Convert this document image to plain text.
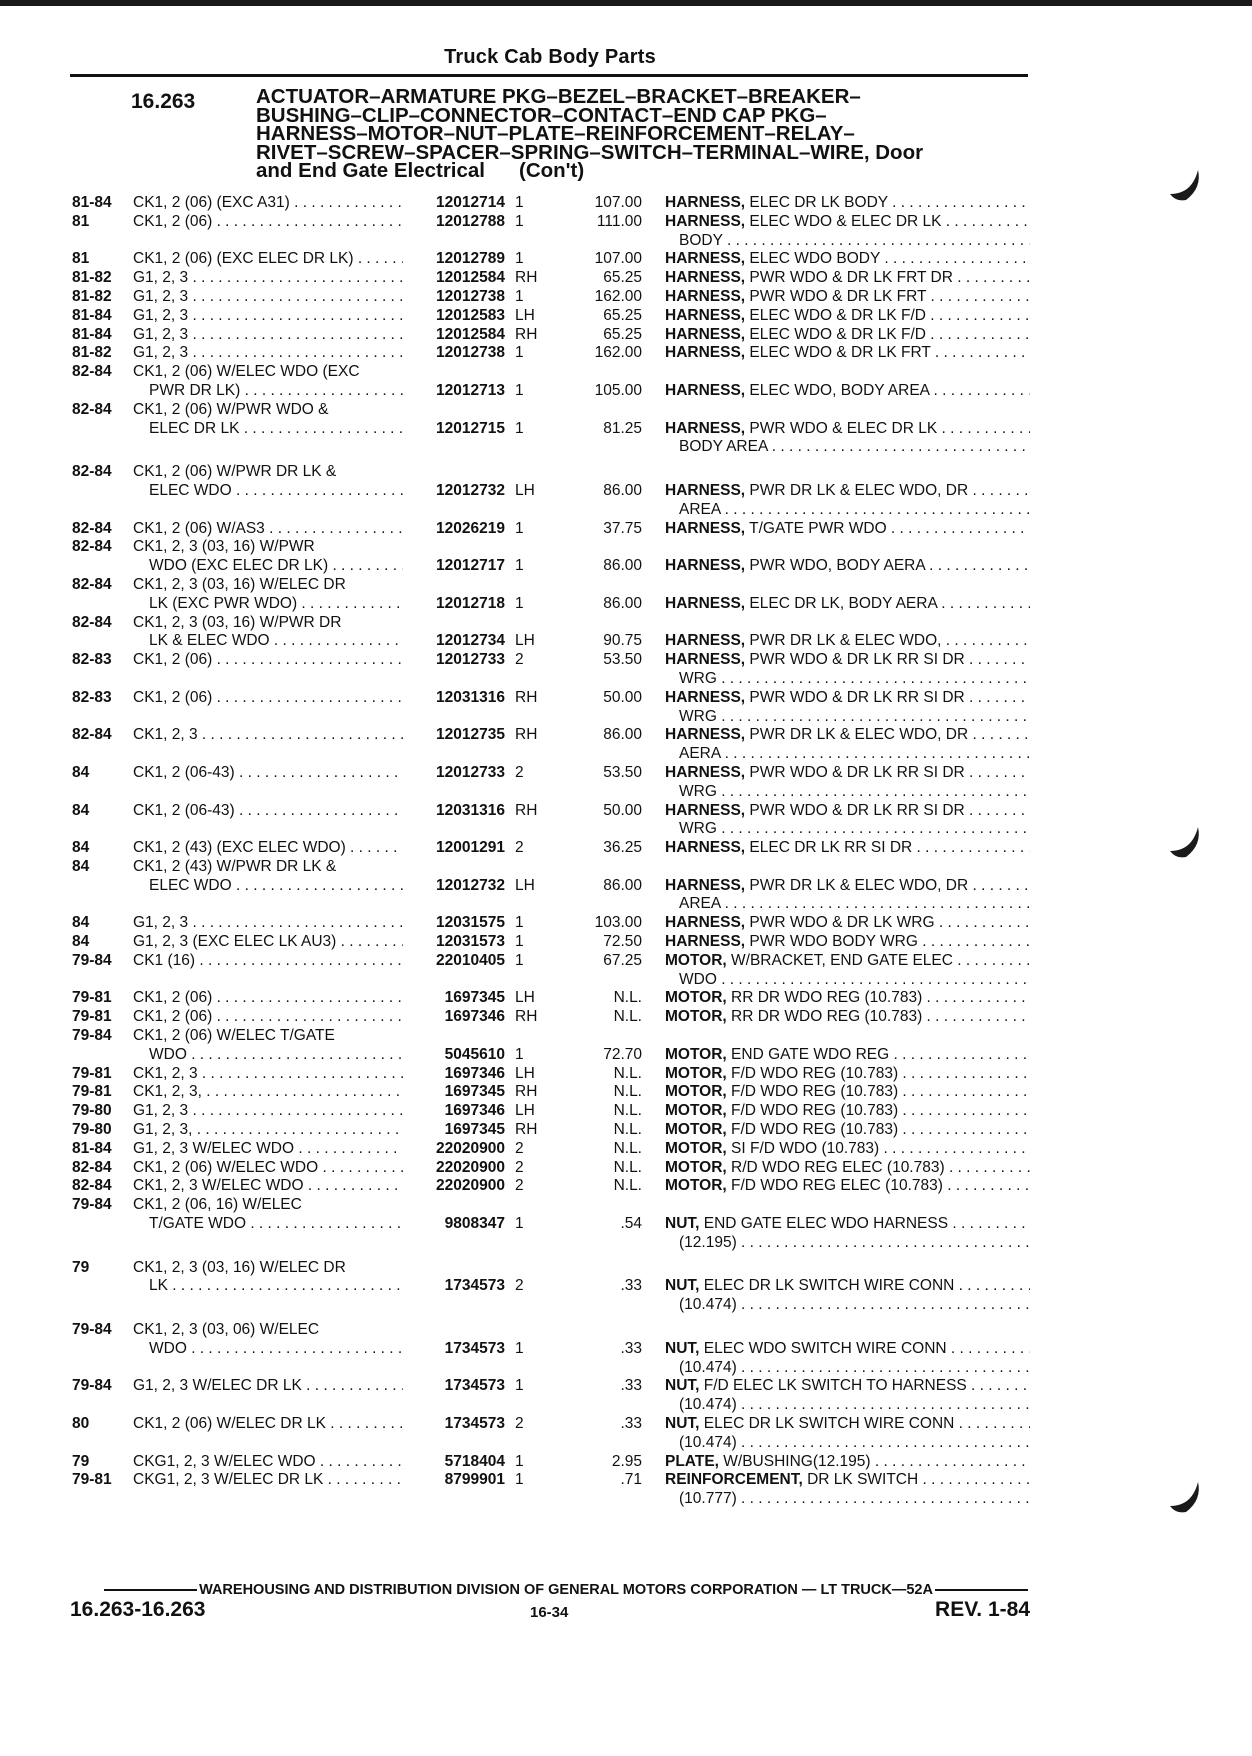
Truck Cab Body Parts
16.263	ACTUATOR–ARMATURE PKG–BEZEL–BRACKET–BREAKER–
BUSHING–CLIP–CONNECTOR–CONTACT–END CAP PKG–
HARNESS–MOTOR–NUT–PLATE–REINFORCEMENT–RELAY–
RIVET–SCREW–SPACER–SPRING–SWITCH–TERMINAL–WIRE, Door
and End Gate Electrical (Con't)
81-84	CK1, 2 (06) (EXC A31) . . .	12012714 1	107.00 HARNESS, ELEC DR LK BODY . . .
81	CK1, 2 (06) . . .	12012788 1	111.00 HARNESS, ELEC WDO & ELEC DR LK . . .
BODY . . .
81	CK1, 2 (06) (EXC ELEC DR LK) . . .	12012789 1	107.00 HARNESS, ELEC WDO BODY . . .
81-82	G1, 2, 3 . . .	12012584 RH	65.25 HARNESS, PWR WDO & DR LK FRT DR . . .
81-82	G1, 2, 3 . . .	12012738 1	162.00 HARNESS, PWR WDO & DR LK FRT . . .
81-84	G1, 2, 3 . . .	12012583 LH	65.25 HARNESS, ELEC WDO & DR LK F/D . . .
81-84	G1, 2, 3 . . .	12012584 RH	65.25 HARNESS, ELEC WDO & DR LK F/D . . .
81-82	G1, 2, 3 . . .	12012738 1	162.00 HARNESS, ELEC WDO & DR LK FRT . . .
82-84	CK1, 2 (06) W/ELEC WDO (EXC
PWR DR LK) . . .	12012713 1	105.00 HARNESS, ELEC WDO, BODY AREA . . .
82-84	CK1, 2 (06) W/PWR WDO &
ELEC DR LK . . .	12012715 1	81.25 HARNESS, PWR WDO & ELEC DR LK . . .
BODY AREA . . .
82-84	CK1, 2 (06) W/PWR DR LK &
ELEC WDO . . .	12012732 LH	86.00 HARNESS, PWR DR LK & ELEC WDO, DR . . .
AREA . . .
82-84	CK1, 2 (06) W/AS3 . . .	12026219 1	37.75 HARNESS, T/GATE PWR WDO . . .
82-84	CK1, 2, 3 (03, 16) W/PWR
WDO (EXC ELEC DR LK) . . .	12012717 1	86.00 HARNESS, PWR WDO, BODY AERA . . .
82-84	CK1, 2, 3 (03, 16) W/ELEC DR
LK (EXC PWR WDO) . . .	12012718 1	86.00 HARNESS, ELEC DR LK, BODY AERA . . .
82-84	CK1, 2, 3 (03, 16) W/PWR DR
LK & ELEC WDO . . .	12012734 LH	90.75 HARNESS, PWR DR LK & ELEC WDO, . . .
82-83	CK1, 2 (06) . . .	12012733 2	53.50 HARNESS, PWR WDO & DR LK RR SI DR . . .
WRG . . .
82-83	CK1, 2 (06) . . .	12031316 RH	50.00 HARNESS, PWR WDO & DR LK RR SI DR . . .
WRG . . .
82-84	CK1, 2, 3 . . .	12012735 RH	86.00 HARNESS, PWR DR LK & ELEC WDO, DR . . .
AERA . . .
84	CK1, 2 (06-43) . . .	12012733 2	53.50 HARNESS, PWR WDO & DR LK RR SI DR . . .
WRG . . .
84	CK1, 2 (06-43) . . .	12031316 RH	50.00 HARNESS, PWR WDO & DR LK RR SI DR . . .
WRG . . .
84	CK1, 2 (43) (EXC ELEC WDO) . . .	12001291 2	36.25 HARNESS, ELEC DR LK RR SI DR . . .
84	CK1, 2 (43) W/PWR DR LK &
ELEC WDO . . .	12012732 LH	86.00 HARNESS, PWR DR LK & ELEC WDO, DR . . .
AREA . . .
84	G1, 2, 3 . . .	12031575 1	103.00 HARNESS, PWR WDO & DR LK WRG . . .
84	G1, 2, 3 (EXC ELEC LK AU3) . . .	12031573 1	72.50 HARNESS, PWR WDO BODY WRG . . .
79-84	CK1 (16) . . .	22010405 1	67.25 MOTOR, W/BRACKET, END GATE ELEC . . .
WDO . . .
79-81	CK1, 2 (06) . . .	1697345 LH	N.L. MOTOR, RR DR WDO REG (10.783) . . .
79-81	CK1, 2 (06) . . .	1697346 RH	N.L. MOTOR, RR DR WDO REG (10.783) . . .
79-84	CK1, 2 (06) W/ELEC T/GATE
WDO . . .	5045610 1	72.70 MOTOR, END GATE WDO REG . . .
79-81	CK1, 2, 3 . . .	1697346 LH	N.L. MOTOR, F/D WDO REG (10.783) . . .
79-81	CK1, 2, 3, . . .	1697345 RH	N.L. MOTOR, F/D WDO REG (10.783) . . .
79-80	G1, 2, 3 . . .	1697346 LH	N.L. MOTOR, F/D WDO REG (10.783) . . .
79-80	G1, 2, 3, . . .	1697345 RH	N.L. MOTOR, F/D WDO REG (10.783) . . .
81-84	G1, 2, 3 W/ELEC WDO . . .	22020900 2	N.L. MOTOR, SI F/D WDO (10.783) . . .
82-84	CK1, 2 (06) W/ELEC WDO . . .	22020900 2	N.L. MOTOR, R/D WDO REG ELEC (10.783) . . .
82-84	CK1, 2, 3 W/ELEC WDO . . .	22020900 2	N.L. MOTOR, F/D WDO REG ELEC (10.783) . . .
79-84	CK1, 2 (06, 16) W/ELEC
T/GATE WDO . . .	9808347 1	.54 NUT, END GATE ELEC WDO HARNESS . . .
(12.195) . . .
79	CK1, 2, 3 (03, 16) W/ELEC DR
LK . . .	1734573 2	.33 NUT, ELEC DR LK SWITCH WIRE CONN . . .
(10.474) . . .
79-84	CK1, 2, 3 (03, 06) W/ELEC
WDO . . .	1734573 1	.33 NUT, ELEC WDO SWITCH WIRE CONN . . .
(10.474) . . .
79-84	G1, 2, 3 W/ELEC DR LK . . .	1734573 1	.33 NUT, F/D ELEC LK SWITCH TO HARNESS . . .
(10.474) . . .
80	CK1, 2 (06) W/ELEC DR LK . . .	1734573 2	.33 NUT, ELEC DR LK SWITCH WIRE CONN . . .
(10.474) . . .
79	CKG1, 2, 3 W/ELEC WDO . . .	5718404 1	2.95 PLATE, W/BUSHING(12.195) . . .
79-81	CKG1, 2, 3 W/ELEC DR LK . . .	8799901 1	.71 REINFORCEMENT, DR LK SWITCH . . .
(10.777) . . .
WAREHOUSING AND DISTRIBUTION DIVISION OF GENERAL MOTORS CORPORATION — LT TRUCK—52A
16.263-16.263	16-34	REV. 1-84
